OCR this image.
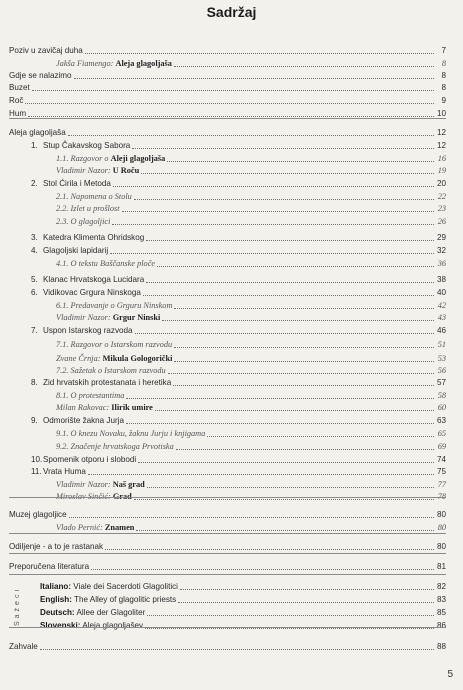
Sadržaj
Poziv u zavičaj duha	7
Jakša Fiamengo: Aleja glagoljaša	8
Gdje se nalazimo	8
Buzet	8
Roč	9
Hum	10
Aleja glagoljaša	12
1. Stup Čakavskog Sabora	12
1.1. Razgovor o Aleji glagoljaša	16
Vladimir Nazor: U Roču	19
2. Stol Ćirila i Metoda	20
2.1. Napomena o Stolu	22
2.2. Izlet u prošlost	23
2.3. O glagoljici	26
3. Katedra Klimenta Ohridskog	29
4. Glagoljski lapidarij	32
4.1. O tekstu Baščanske ploče	36
5. Klanac Hrvatskoga Lucidara	38
6. Vidikovac Grgura Ninskoga	40
6.1. Predavanje o Grguru Ninskom	42
Vladimir Nazor: Grgur Ninski	43
7. Uspon Istarskog razvoda	46
7.1. Razgovor o Istarskom razvodu	51
Zvane Črnja: Mikula Gologorički	53
7.2. Sažetak o Istarskom razvodu	56
8. Zid hrvatskih protestanata i heretika	57
8.1. O protestantima	58
Milan Rakovac: Ilirik umire	60
9. Odmorište žakna Jurja	63
9.1. O knezu Novaku, žaknu Jurju i knjigama	65
9.2. Značenje hrvatskoga Prvotiska	69
10. Spomenik otporu i slobodi	74
11. Vrata Huma	75
Vladimir Nazor: Naš grad	77
Miroslav Sinčić: Grad	78
Muzej glagoljice	80
Vlado Pernić: Znamen	80
Odiljenje - a to je rastanak	80
Preporučena literatura	81
Italiano: Viale dei Sacerdoti Glagolitici	82
English: The Alley of glagolitic priests	83
Deutsch: Allee der Glagoliter	85
Slovenski: Aleja glagoljašev	86
Zahvale	88
Sažeci
5
